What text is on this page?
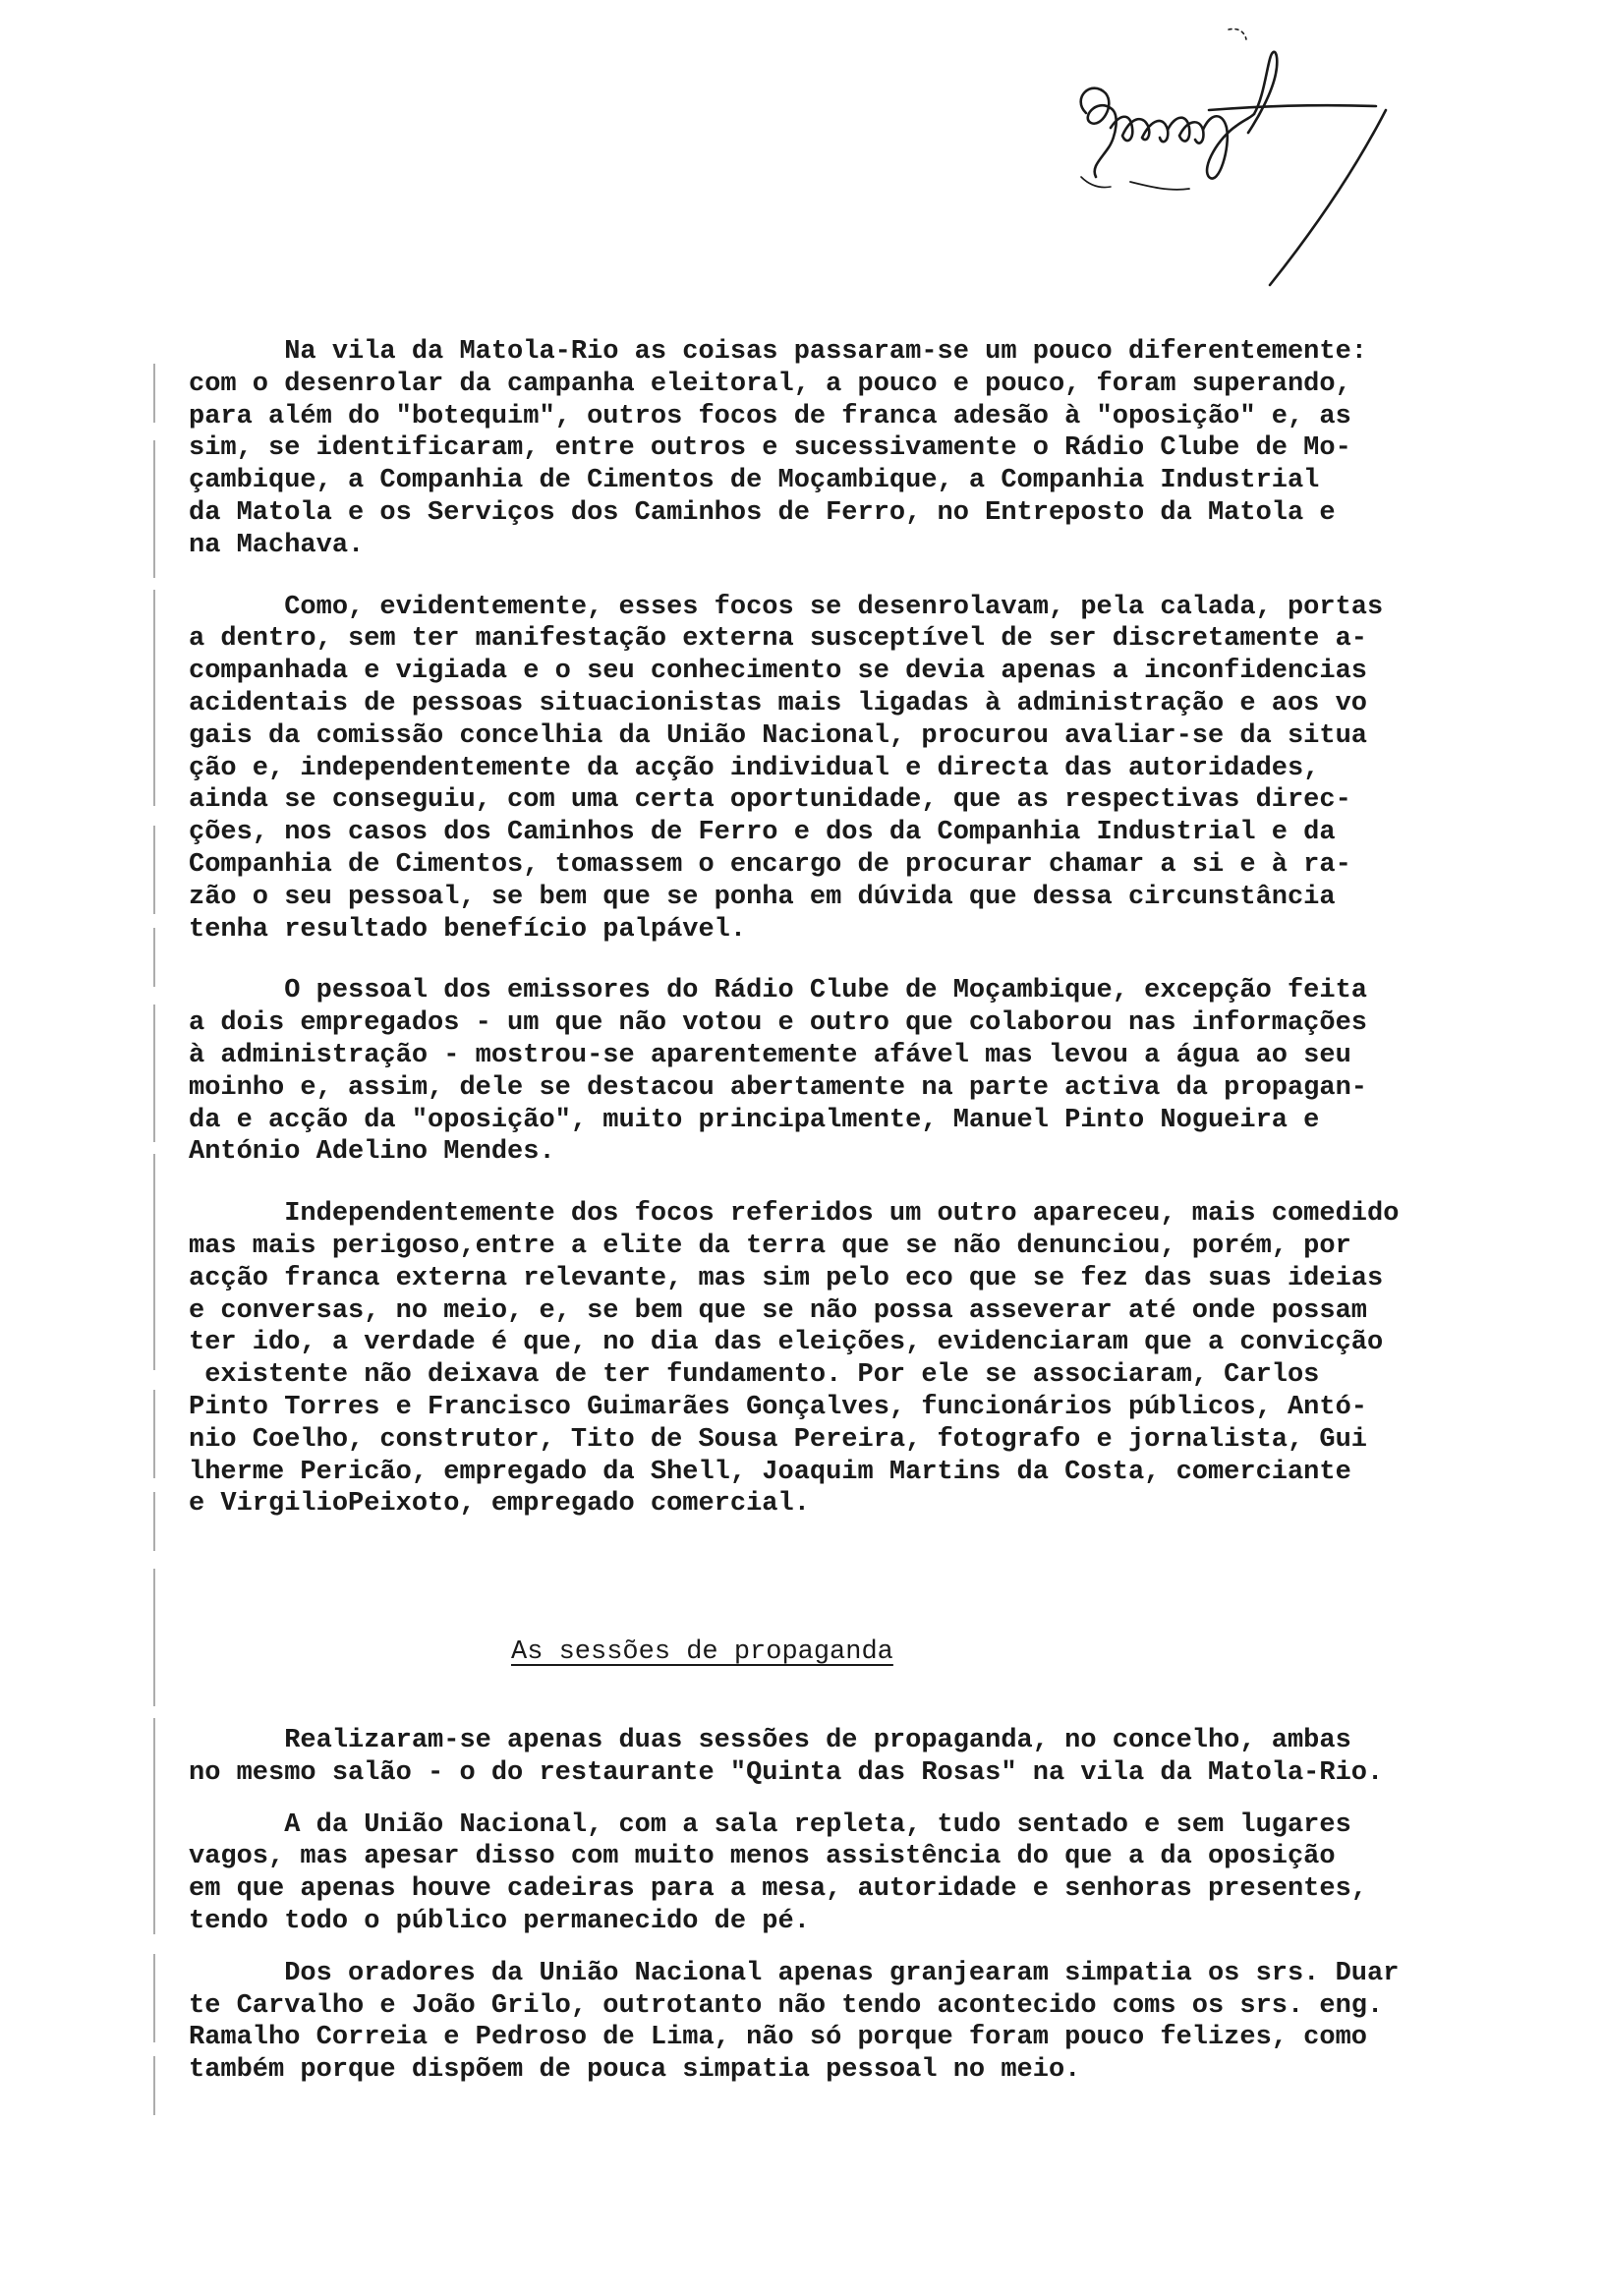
Aparício

Na vila da Matola-Rio as coisas passaram-se um pouco diferentemente:
com o desenrolar da campanha eleitoral, a pouco e pouco, foram superando,
para além do "botequim", outros focos de franca adesão à "oposição" e, as
sim, se identificaram, entre outros e sucessivamente o Rádio Clube de Mo-
çambique, a Companhia de Cimentos de Moçambique, a Companhia Industrial
da Matola e os Serviços dos Caminhos de Ferro, no Entreposto da Matola e
na Machava.

Como, evidentemente, esses focos se desenrolavam, pela calada, portas
a dentro, sem ter manifestação externa susceptível de ser discretamente a-
companhada e vigiada e o seu conhecimento se devia apenas a inconfidencias
acidentais de pessoas situacionistas mais ligadas à administração e aos vo
gais da comissão concelhia da União Nacional, procurou avaliar-se da situa
ção e, independentemente da acção individual e directa das autoridades,
ainda se conseguiu, com uma certa oportunidade, que as respectivas direc-
ções, nos casos dos Caminhos de Ferro e dos da Companhia Industrial e da
Companhia de Cimentos, tomassem o encargo de procurar chamar a si e à ra-
zão o seu pessoal, se bem que se ponha em dúvida que dessa circunstância
tenha resultado benefício palpável.

O pessoal dos emissores do Rádio Clube de Moçambique, excepção feita
a dois empregados - um que não votou e outro que colaborou nas informações
à administração - mostrou-se aparentemente afável mas levou a água ao seu
moinho e, assim, dele se destacou abertamente na parte activa da propagan-
da e acção da "oposição", muito principalmente, Manuel Pinto Nogueira e
António Adelino Mendes.

Independentemente dos focos referidos um outro apareceu, mais comedido
mas mais perigoso,entre a elite da terra que se não denunciou, porém, por
acção franca externa relevante, mas sim pelo eco que se fez das suas ideias
e conversas, no meio, e, se bem que se não possa asseverar até onde possam
ter ido, a verdade é que, no dia das eleições, evidenciaram que a convicção
existente não deixava de ter fundamento. Por ele se associaram, Carlos
Pinto Torres e Francisco Guimarães Gonçalves, funcionários públicos, Antó-
nio Coelho, construtor, Tito de Sousa Pereira, fotografo e jornalista, Gui
lherme Pericão, empregado da Shell, Joaquim Martins da Costa, comerciante
e VirgilioPeixoto, empregado comercial.

As sessões de propaganda

Realizaram-se apenas duas sessões de propaganda, no concelho, ambas
no mesmo salão - o do restaurante "Quinta das Rosas" na vila da Matola-Rio.

A da União Nacional, com a sala repleta, tudo sentado e sem lugares
vagos, mas apesar disso com muito menos assistência do que a da oposição
em que apenas houve cadeiras para a mesa, autoridade e senhoras presentes,
tendo todo o público permanecido de pé.

Dos oradores da União Nacional apenas granjearam simpatia os srs. Duar
te Carvalho e João Grilo, outrotanto não tendo acontecido coms os srs. eng.
Ramalho Correia e Pedroso de Lima, não só porque foram pouco felizes, como
também porque dispõem de pouca simpatia pessoal no meio.
